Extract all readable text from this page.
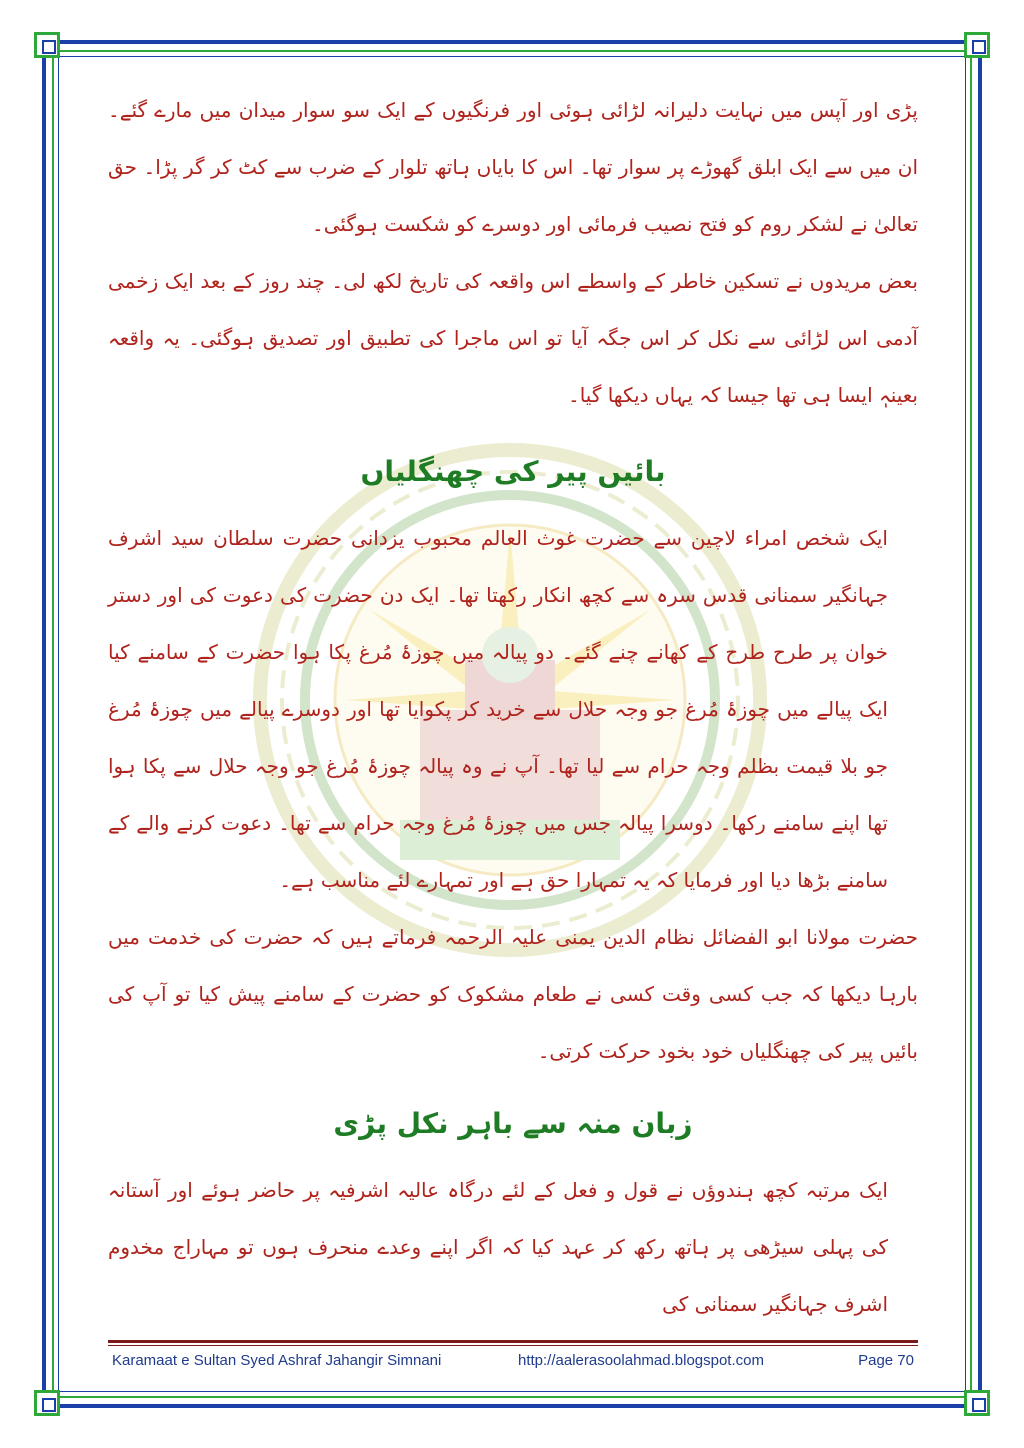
پڑی اور آپس میں نہایت دلیرانہ لڑائی ہوئی اور فرنگیوں کے ایک سو سوار میدان میں مارے گئے۔ ان میں سے ایک ابلق گھوڑے پر سوار تھا۔ اس کا بایاں ہاتھ تلوار کے ضرب سے کٹ کر گر پڑا۔ حق تعالیٰ نے لشکر روم کو فتح نصیب فرمائی اور دوسرے کو شکست ہوگئی۔

بعض مریدوں نے تسکین خاطر کے واسطے اس واقعہ کی تاریخ لکھ لی۔ چند روز کے بعد ایک زخمی آدمی اس لڑائی سے نکل کر اس جگہ آیا تو اس ماجرا کی تطبیق اور تصدیق ہوگئی۔ یہ واقعہ بعینہٖ ایسا ہی تھا جیسا کہ یہاں دیکھا گیا۔

بائیں پیر کی چھنگلیاں

ایک شخص امراء لاچین سے حضرت غوث العالم محبوب یزدانی حضرت سلطان سید اشرف جہانگیر سمنانی قدس سرہ سے کچھ انکار رکھتا تھا۔ ایک دن حضرت کی دعوت کی اور دستر خوان پر طرح طرح کے کھانے چنے گئے۔ دو پیالہ میں چوزۂ مُرغ پکا ہوا حضرت کے سامنے کیا ایک پیالے میں چوزۂ مُرغ جو وجہ حلال سے خرید کر پکوایا تھا اور دوسرے پیالے میں چوزۂ مُرغ جو بلا قیمت بظلم وجہ حرام سے لیا تھا۔ آپ نے وہ پیالہ چوزۂ مُرغ جو وجہ حلال سے پکا ہوا تھا اپنے سامنے رکھا۔ دوسرا پیالہ جس میں چوزۂ مُرغ وجہ حرام سے تھا۔ دعوت کرنے والے کے سامنے بڑھا دیا اور فرمایا کہ یہ تمہارا حق ہے اور تمہارے لئے مناسب ہے۔

حضرت مولانا ابو الفضائل نظام الدین یمنی علیہ الرحمہ فرماتے ہیں کہ حضرت کی خدمت میں بارہا دیکھا کہ جب کسی وقت کسی نے طعام مشکوک کو حضرت کے سامنے پیش کیا تو آپ کی بائیں پیر کی چھنگلیاں خود بخود حرکت کرتی۔

زبان منہ سے باہر نکل پڑی

ایک مرتبہ کچھ ہندوؤں نے قول و فعل کے لئے درگاہ عالیہ اشرفیہ پر حاضر ہوئے اور آستانہ کی پہلی سیڑھی پر ہاتھ رکھ کر عہد کیا کہ اگر اپنے وعدے منحرف ہوں تو مہاراج مخدوم اشرف جہانگیر سمنانی کی

Karamaat e Sultan Syed Ashraf Jahangir Simnani	http://aalerasoolahmad.blogspot.com	Page 70
